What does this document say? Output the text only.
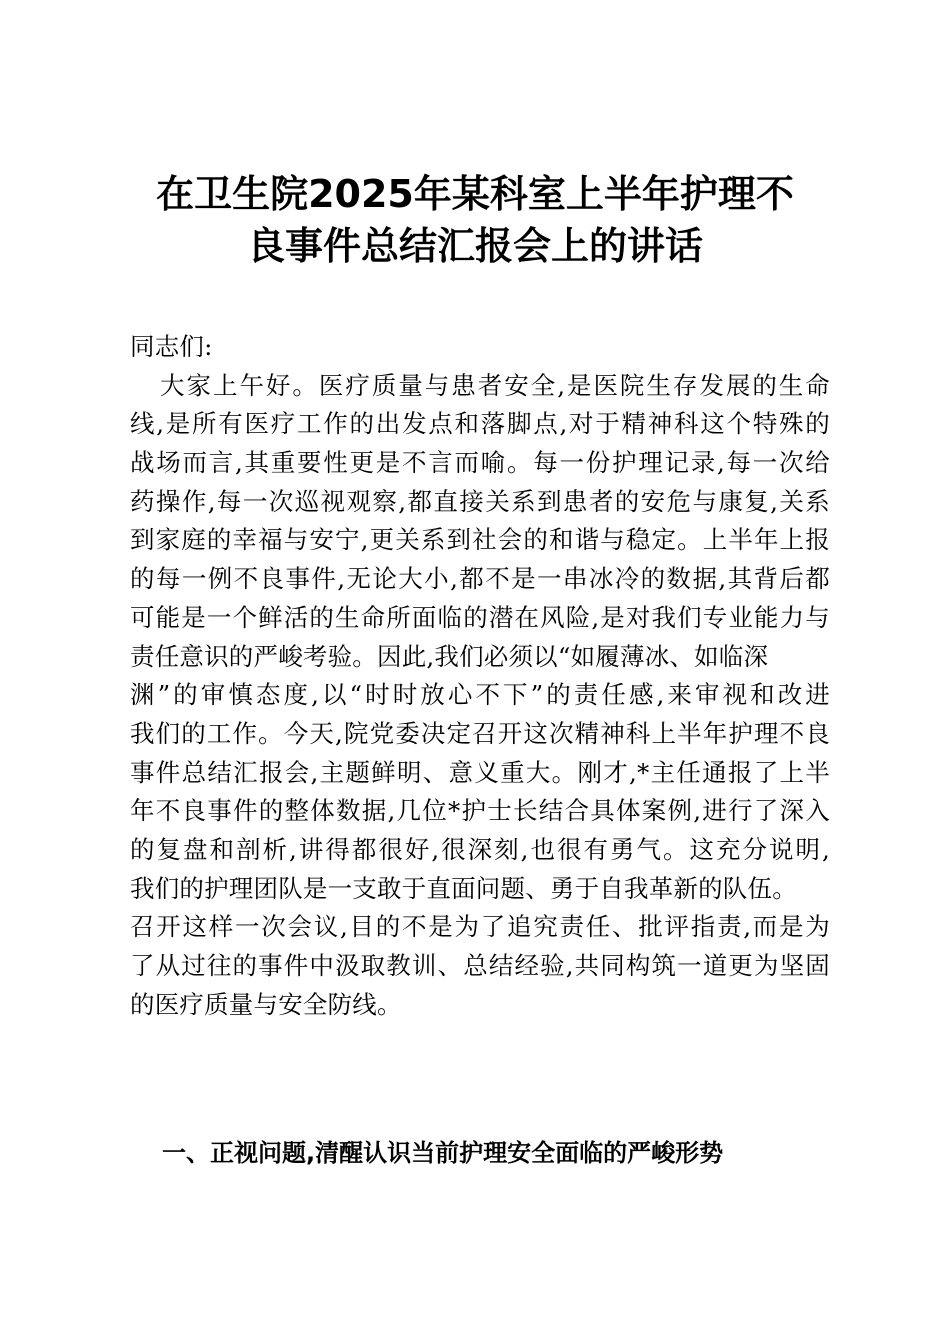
在卫生院2025年某科室上半年护理不
良事件总结汇报会上的讲话
同志们:
大家上午好。医疗质量与患者安全,是医院生存发展的生命
线,是所有医疗工作的出发点和落脚点,对于精神科这个特殊的
战场而言,其重要性更是不言而喻。每一份护理记录,每一次给
药操作,每一次巡视观察,都直接关系到患者的安危与康复,关系
到家庭的幸福与安宁,更关系到社会的和谐与稳定。上半年上报
的每一例不良事件,无论大小,都不是一串冰冷的数据,其背后都
可能是一个鲜活的生命所面临的潜在风险,是对我们专业能力与
责任意识的严峻考验。因此,我们必须以“如履薄冰、如临深
渊”的审慎态度,以“时时放心不下”的责任感,来审视和改进
我们的工作。今天,院党委决定召开这次精神科上半年护理不良
事件总结汇报会,主题鲜明、意义重大。刚才,*主任通报了上半
年不良事件的整体数据,几位*护士长结合具体案例,进行了深入
的复盘和剖析,讲得都很好,很深刻,也很有勇气。这充分说明,
我们的护理团队是一支敢于直面问题、勇于自我革新的队伍。
召开这样一次会议,目的不是为了追究责任、批评指责,而是为
了从过往的事件中汲取教训、总结经验,共同构筑一道更为坚固
的医疗质量与安全防线。
一、正视问题,清醒认识当前护理安全面临的严峻形势
